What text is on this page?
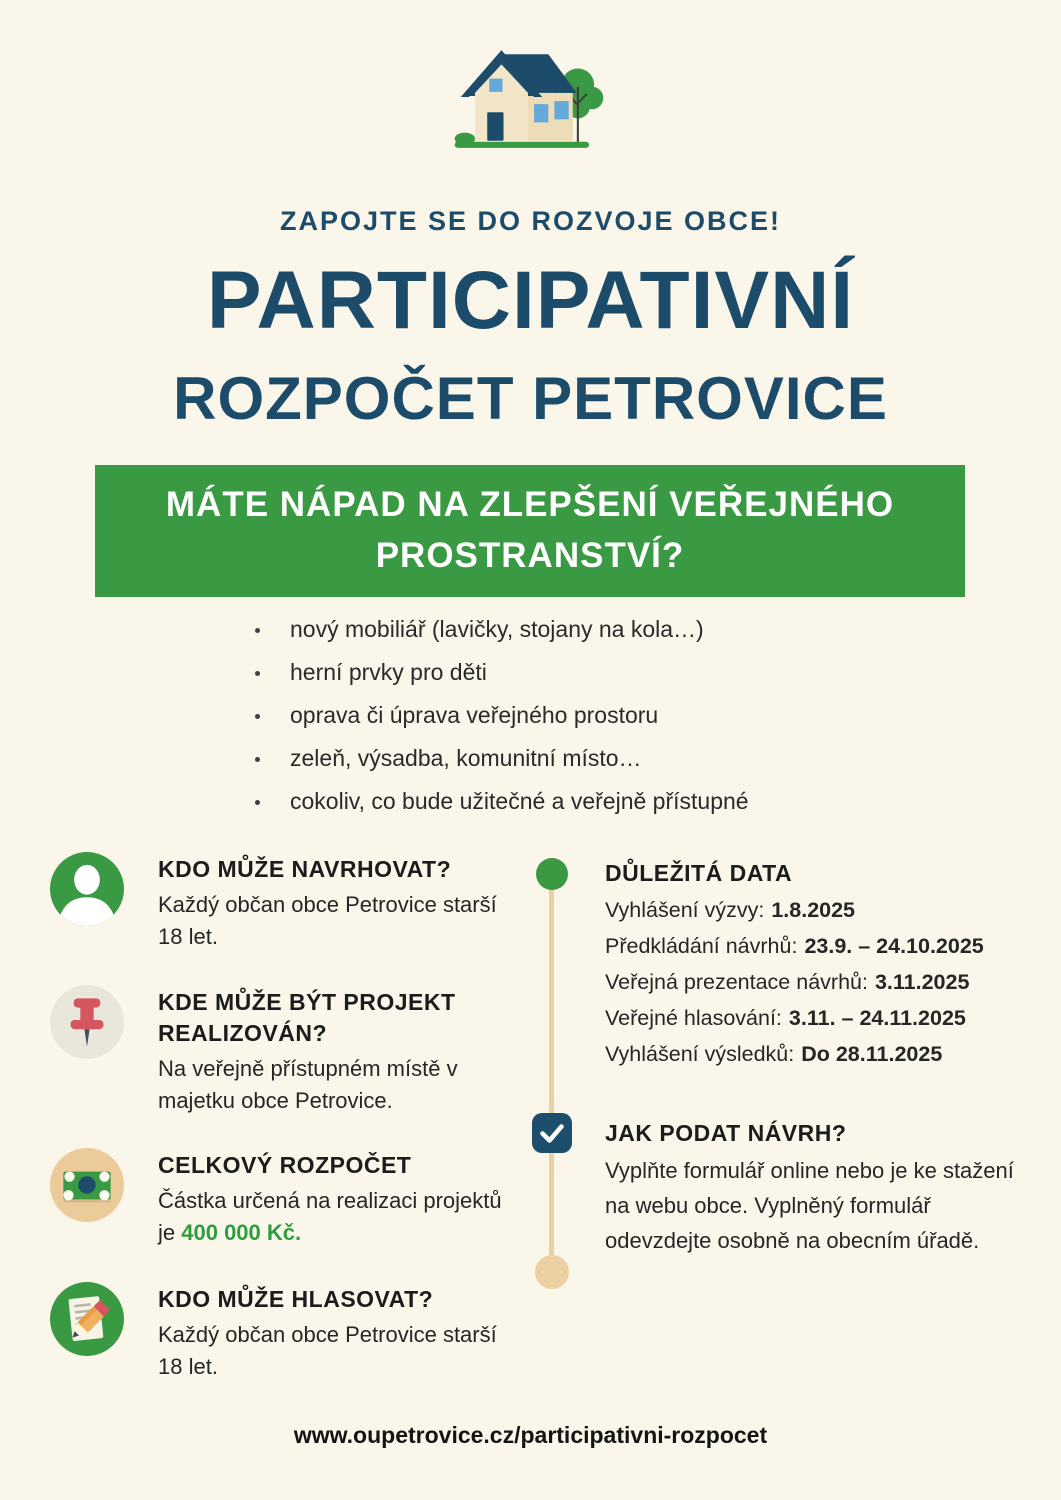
ZAPOJTE SE DO ROZVOJE OBCE!
PARTICIPATIVNÍ
ROZPOČET PETROVICE
MÁTE NÁPAD NA ZLEPŠENÍ VEŘEJNÉHO PROSTRANSTVÍ?
nový mobiliář (lavičky, stojany na kola…)
herní prvky pro děti
oprava či úprava veřejného prostoru
zeleň, výsadba, komunitní místo…
cokoliv, co bude užitečné a veřejně přístupné
KDO MŮŽE NAVRHOVAT?

Každý občan obce Petrovice starší 18 let.

KDE MŮŽE BÝT PROJEKT REALIZOVÁN?

Na veřejně přístupném místě v majetku obce Petrovice.

CELKOVÝ ROZPOČET

Částka určená na realizaci projektů je 400 000 Kč.

KDO MŮŽE HLASOVAT?

Každý občan obce Petrovice starší 18 let.

DŮLEŽITÁ DATA
Vyhlášení výzvy: 1.8.2025
Předkládání návrhů: 23.9. – 24.10.2025
Veřejná prezentace návrhů: 3.11.2025
Veřejné hlasování: 3.11. – 24.11.2025
Vyhlášení výsledků: Do 28.11.2025
JAK PODAT NÁVRH?

Vyplňte formulář online nebo je ke stažení na webu obce. Vyplněný formulář odevzdejte osobně na obecním úřadě.

www.oupetrovice.cz/participativni-rozpocet
